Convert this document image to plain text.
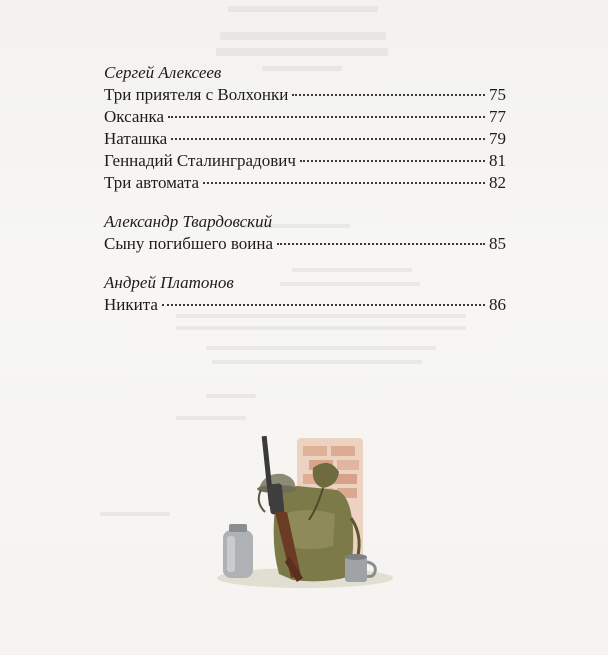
Сергей Алексеев

Три приятеля с Волхонки	75
Оксанка	77
Наташка	79
Геннадий Сталинградович	81
Три автомата	82

Александр Твардовский

Сыну погибшего воина	85

Андрей Платонов

Никита	86
